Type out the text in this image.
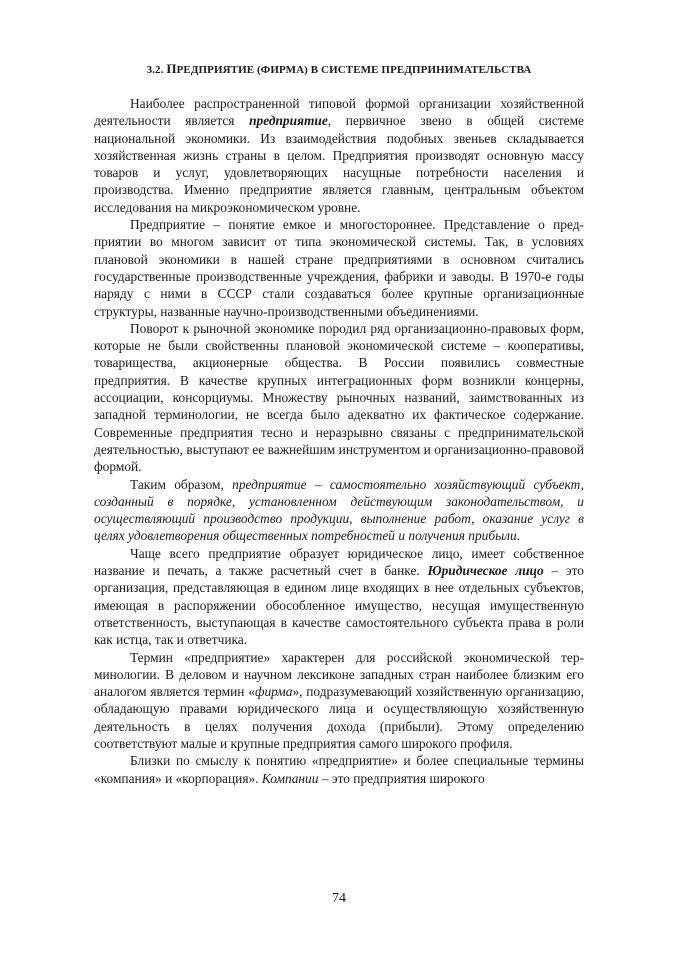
3.2. ПРЕДПРИЯТИЕ (ФИРМА) В СИСТЕМЕ ПРЕДПРИНИМАТЕЛЬСТВА

Наиболее распространенной типовой формой организации хозяйственной деятельности является предприятие, первичное звено в общей системе национальной экономики. Из взаимодействия подобных звеньев складывается хозяйственная жизнь страны в целом. Предприятия производят основную массу товаров и услуг, удовлетворяющих насущные потребности населения и производства. Именно предприятие является главным, центральным объектом исследования на микроэкономическом уровне.

Предприятие – понятие емкое и многостороннее. Представление о предприятии во многом зависит от типа экономической системы. Так, в условиях плановой экономики в нашей стране предприятиями в основном считались государственные производственные учреждения, фабрики и заводы. В 1970-е годы наряду с ними в СССР стали создаваться более крупные организационные структуры, названные научно-производственными объединениями.

Поворот к рыночной экономике породил ряд организационно-правовых форм, которые не были свойственны плановой экономической системе – кооперативы, товарищества, акционерные общества. В России появились совместные предприятия. В качестве крупных интеграционных форм возникли концерны, ассоциации, консорциумы. Множеству рыночных названий, заимствованных из западной терминологии, не всегда было адекватно их фактическое содержание. Современные предприятия тесно и неразрывно связаны с предпринимательской деятельностью, выступают ее важнейшим инструментом и организационно-правовой формой.

Таким образом, предприятие – самостоятельно хозяйствующий субъект, созданный в порядке, установленном действующим законодательством, и осуществляющий производство продукции, выполнение работ, оказание услуг в целях удовлетворения общественных потребностей и получения прибыли.

Чаще всего предприятие образует юридическое лицо, имеет собственное название и печать, а также расчетный счет в банке. Юридическое лицо – это организация, представляющая в едином лице входящих в нее отдельных субъектов, имеющая в распоряжении обособленное имущество, несущая имущественную ответственность, выступающая в качестве самостоятельного субъекта права в роли как истца, так и ответчика.

Термин «предприятие» характерен для российской экономической терминологии. В деловом и научном лексиконе западных стран наиболее близким его аналогом является термин «фирма», подразумевающий хозяйственную организацию, обладающую правами юридического лица и осуществляющую хозяйственную деятельность в целях получения дохода (прибыли). Этому определению соответствуют малые и крупные предприятия самого широкого профиля.

Близки по смыслу к понятию «предприятие» и более специальные термины «компания» и «корпорация». Компании – это предприятия широкого

74
